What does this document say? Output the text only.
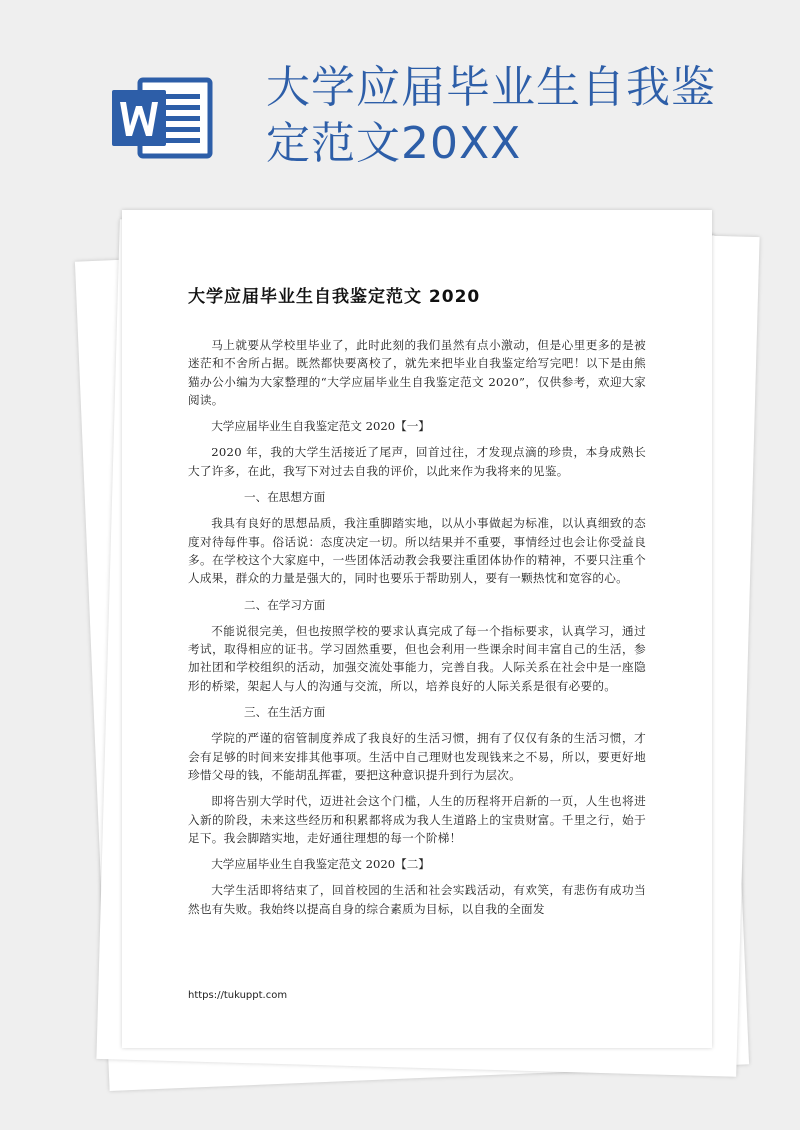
大学应届毕业生自我鉴
定范文20XX
大学应届毕业生自我鉴定范文 2020

马上就要从学校里毕业了，此时此刻的我们虽然有点小激动，但是心里更多的是被迷茫和不舍所占据。既然都快要离校了，就先来把毕业自我鉴定给写完吧！以下是由熊猫办公小编为大家整理的“大学应届毕业生自我鉴定范文 2020”，仅供参考，欢迎大家阅读。

大学应届毕业生自我鉴定范文 2020【一】

2020 年，我的大学生活接近了尾声，回首过往，才发现点滴的珍贵，本身成熟长大了许多，在此，我写下对过去自我的评价，以此来作为我将来的见鉴。

一、在思想方面

我具有良好的思想品质，我注重脚踏实地，以从小事做起为标准，以认真细致的态度对待每件事。俗话说：态度决定一切。所以结果并不重要，事情经过也会让你受益良多。在学校这个大家庭中，一些团体活动教会我要注重团体协作的精神，不要只注重个人成果，群众的力量是强大的，同时也要乐于帮助别人，要有一颗热忱和宽容的心。

二、在学习方面

不能说很完美，但也按照学校的要求认真完成了每一个指标要求，认真学习，通过考试，取得相应的证书。学习固然重要，但也会利用一些课余时间丰富自己的生活，参加社团和学校组织的活动，加强交流处事能力，完善自我。人际关系在社会中是一座隐形的桥梁，架起人与人的沟通与交流，所以，培养良好的人际关系是很有必要的。

三、在生活方面

学院的严谨的宿管制度养成了我良好的生活习惯，拥有了仅仅有条的生活习惯，才会有足够的时间来安排其他事项。生活中自己理财也发现钱来之不易，所以，要更好地珍惜父母的钱，不能胡乱挥霍，要把这种意识提升到行为层次。

即将告别大学时代，迈进社会这个门槛，人生的历程将开启新的一页，人生也将进入新的阶段，未来这些经历和积累都将成为我人生道路上的宝贵财富。千里之行，始于足下。我会脚踏实地，走好通往理想的每一个阶梯！

大学应届毕业生自我鉴定范文 2020【二】

大学生活即将结束了，回首校园的生活和社会实践活动，有欢笑，有悲伤有成功当然也有失败。我始终以提高自身的综合素质为目标，以自我的全面发

https://tukuppt.com
